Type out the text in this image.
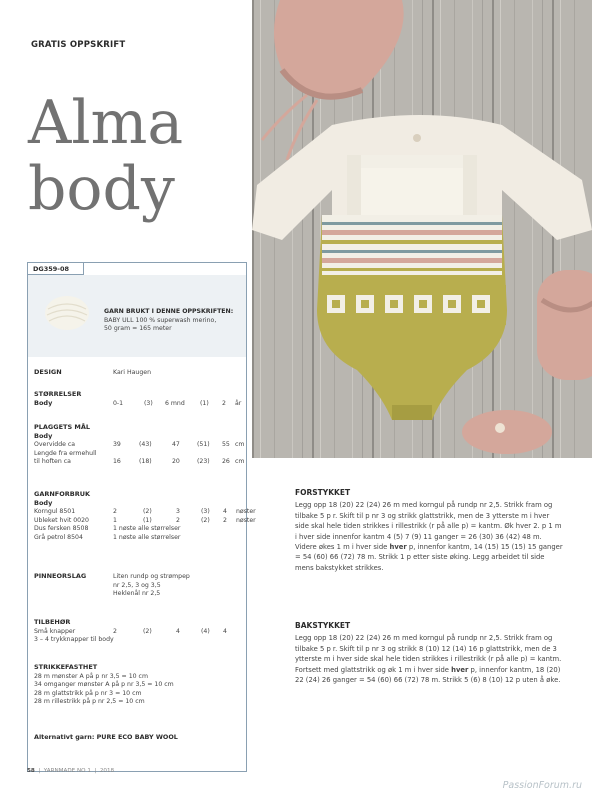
GRATIS OPPSKRIFT
Alma
body
DG359-08
GARN BRUKT I DENNE OPPSKRIFTEN:
BABY ULL 100 % superwash merino,
50 gram = 165 meter
DESIGN	Kari Haugen
STØRRELSER
Body	0-1	(3) 6 mnd (1) 2 år
PLAGGETS MÅL
Body
Overvidde ca	39	(43)	47	(51) 55 cm
Lengde fra ermehull
til hoften ca	16	(18)	20	(23) 26 cm
GARNFORBRUK
Body
Korngul 8501	2	(2)	3	(3) 4 nøster
Ubleket hvit 0020	1	(1)	2	(2) 2 nøster
Dus fersken 8508	1 nøste alle størrelser
Grå petrol 8504	1 nøste alle størrelser
PINNEORSLAG	Liten rundp og strømpep
nr 2,5, 3 og 3,5
Heklenål nr 2,5
TILBEHØR
Små knapper	2	(2)	4	(4) 4
3 – 4 trykknapper til body
STRIKKEFASTHET
28 m mønster A på p nr 3,5 = 10 cm
34 omganger mønster A på p nr 3,5 = 10 cm
28 m glattstrikk på p nr 3 = 10 cm
28 m rillestrikk på p nr 2,5 = 10 cm
Alternativt garn: PURE ECO BABY WOOL
FORSTYKKET

Legg opp 18 (20) 22 (24) 26 m med korngul på rundp nr 2,5. Strikk fram og tilbake 5 p r. Skift til p nr 3 og strikk glattstrikk, men de 3 ytterste m i hver side skal hele tiden strikkes i rillestrikk (r på alle p) = kantm. Øk hver 2. p 1 m i hver side innenfor kantm 4 (5) 7 (9) 11 ganger = 26 (30) 36 (42) 48 m. Videre økes 1 m i hver side hver p, innenfor kantm, 14 (15) 15 (15) 15 ganger = 54 (60) 66 (72) 78 m. Strikk 1 p etter siste øking. Legg arbeidet til side mens bakstykket strikkes.

BAKSTYKKET

Legg opp 18 (20) 22 (24) 26 m med korngul på rundp nr 2,5. Strikk fram og tilbake 5 p r. Skift til p nr 3 og strikk 8 (10) 12 (14) 16 p glattstrikk, men de 3 ytterste m i hver side skal hele tiden strikkes i rillestrikk (r på alle p) = kantm. Fortsett med glattstrikk og øk 1 m i hver side hver p, innenfor kantm, 18 (20) 22 (24) 26 ganger = 54 (60) 66 (72) 78 m. Strikk 5 (6) 8 (10) 12 p uten å øke.

58  |  YARNMADE NO 1  |  2018
PassionForum.ru
